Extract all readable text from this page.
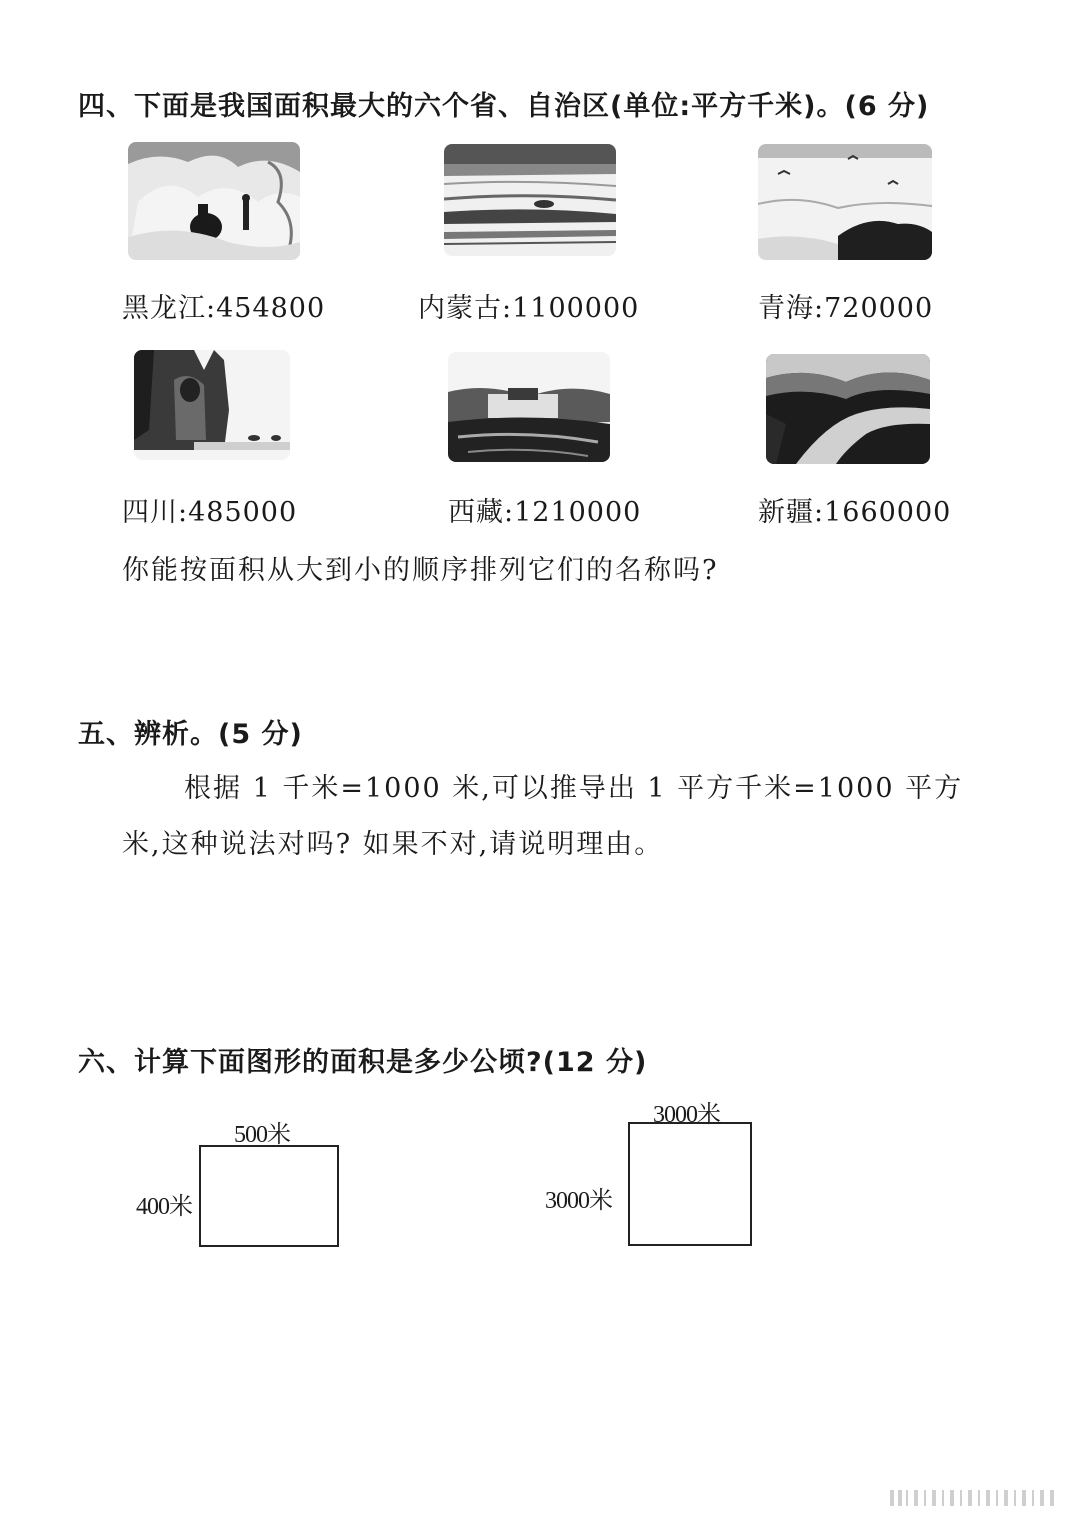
四、下面是我国面积最大的六个省、自治区(单位:平方千米)。(6 分)
黑龙江:454800	内蒙古:1100000	青海:720000
四川:485000	西藏:1210000	新疆:1660000
你能按面积从大到小的顺序排列它们的名称吗?
五、辨析。(5 分)
根据 1 千米=1000 米,可以推导出 1 平方千米=1000 平方
米,这种说法对吗? 如果不对,请说明理由。
六、计算下面图形的面积是多少公顷?(12 分)
500米
400米
3000米
3000米
